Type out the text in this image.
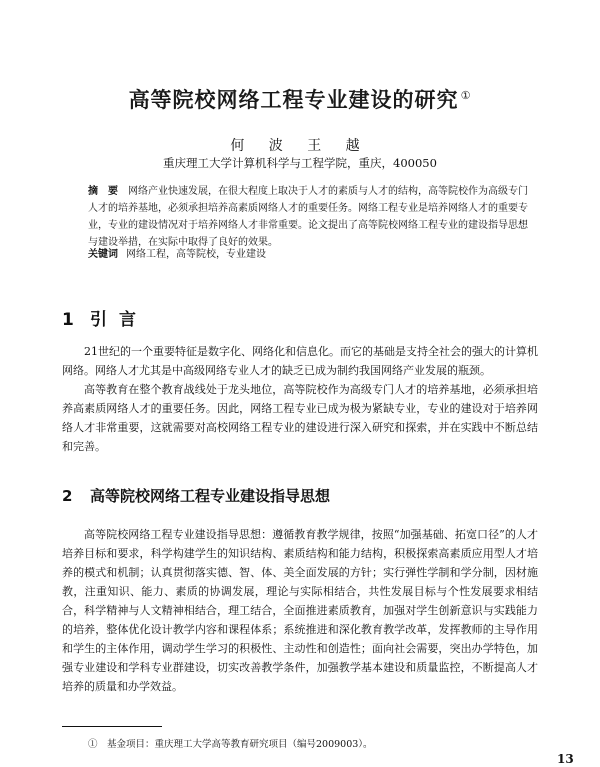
高等院校网络工程专业建设的研究 ①
何 波 王 越
重庆理工大学计算机科学与工程学院，重庆，400050
摘　要 网络产业快速发展，在很大程度上取决于人才的素质与人才的结构，高等院校作为高级专门人才的培养基地，必须承担培养高素质网络人才的重要任务。网络工程专业是培养网络人才的重要专业，专业的建设情况对于培养网络人才非常重要。论文提出了高等院校网络工程专业的建设指导思想与建设举措，在实际中取得了良好的效果。
关键词 网络工程，高等院校，专业建设
1 引言

21世纪的一个重要特征是数字化、网络化和信息化。而它的基础是支持全社会的强大的计算机网络。网络人才尤其是中高级网络专业人才的缺乏已成为制约我国网络产业发展的瓶颈。

高等教育在整个教育战线处于龙头地位，高等院校作为高级专门人才的培养基地，必须承担培养高素质网络人才的重要任务。因此，网络工程专业已成为极为紧缺专业，专业的建设对于培养网络人才非常重要，这就需要对高校网络工程专业的建设进行深入研究和探索，并在实践中不断总结和完善。

2 高等院校网络工程专业建设指导思想

高等院校网络工程专业建设指导思想：遵循教育教学规律，按照“加强基础、拓宽口径”的人才培养目标和要求，科学构建学生的知识结构、素质结构和能力结构，积极探索高素质应用型人才培养的模式和机制；认真贯彻落实德、智、体、美全面发展的方针；实行弹性学制和学分制，因材施教，注重知识、能力、素质的协调发展，理论与实际相结合，共性发展目标与个性发展要求相结合，科学精神与人文精神相结合，理工结合，全面推进素质教育，加强对学生创新意识与实践能力的培养，整体优化设计教学内容和课程体系；系统推进和深化教育教学改革，发挥教师的主导作用和学生的主体作用，调动学生学习的积极性、主动性和创造性；面向社会需要，突出办学特色，加强专业建设和学科专业群建设，切实改善教学条件，加强教学基本建设和质量监控，不断提高人才培养的质量和办学效益。

①　基金项目：重庆理工大学高等教育研究项目（编号2009003）。
13
